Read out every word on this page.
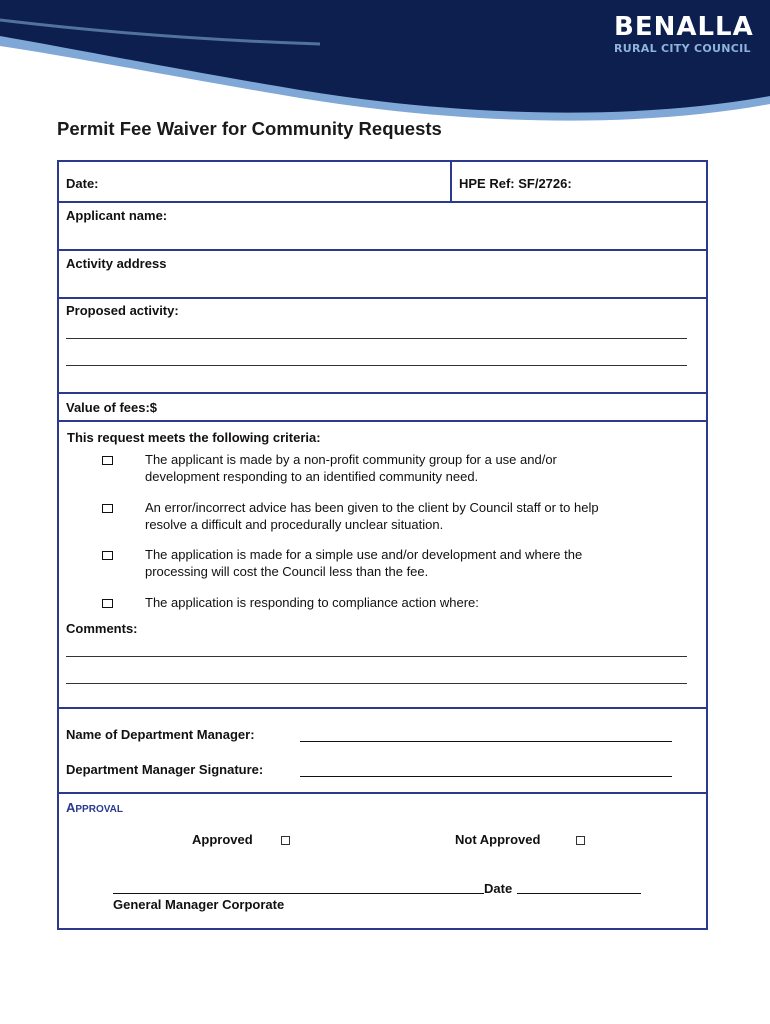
BENALLA
RURAL CITY COUNCIL
Permit Fee Waiver for Community Requests
Date:	HPE Ref: SF/2726:
Applicant name:
Activity address
Proposed activity:
Value of fees:$
This request meets the following criteria:
The applicant is made by a non-profit community group for a use and/or
development responding to an identified community need.
An error/incorrect advice has been given to the client by Council staff or to help
resolve a difficult and procedurally unclear situation.
The application is made for a simple use and/or development and where the
processing will cost the Council less than the fee.
The application is responding to compliance action where:
Comments:
Name of Department Manager:
Department Manager Signature:
APPROVAL
Approved	Not Approved
Date
General Manager Corporate
